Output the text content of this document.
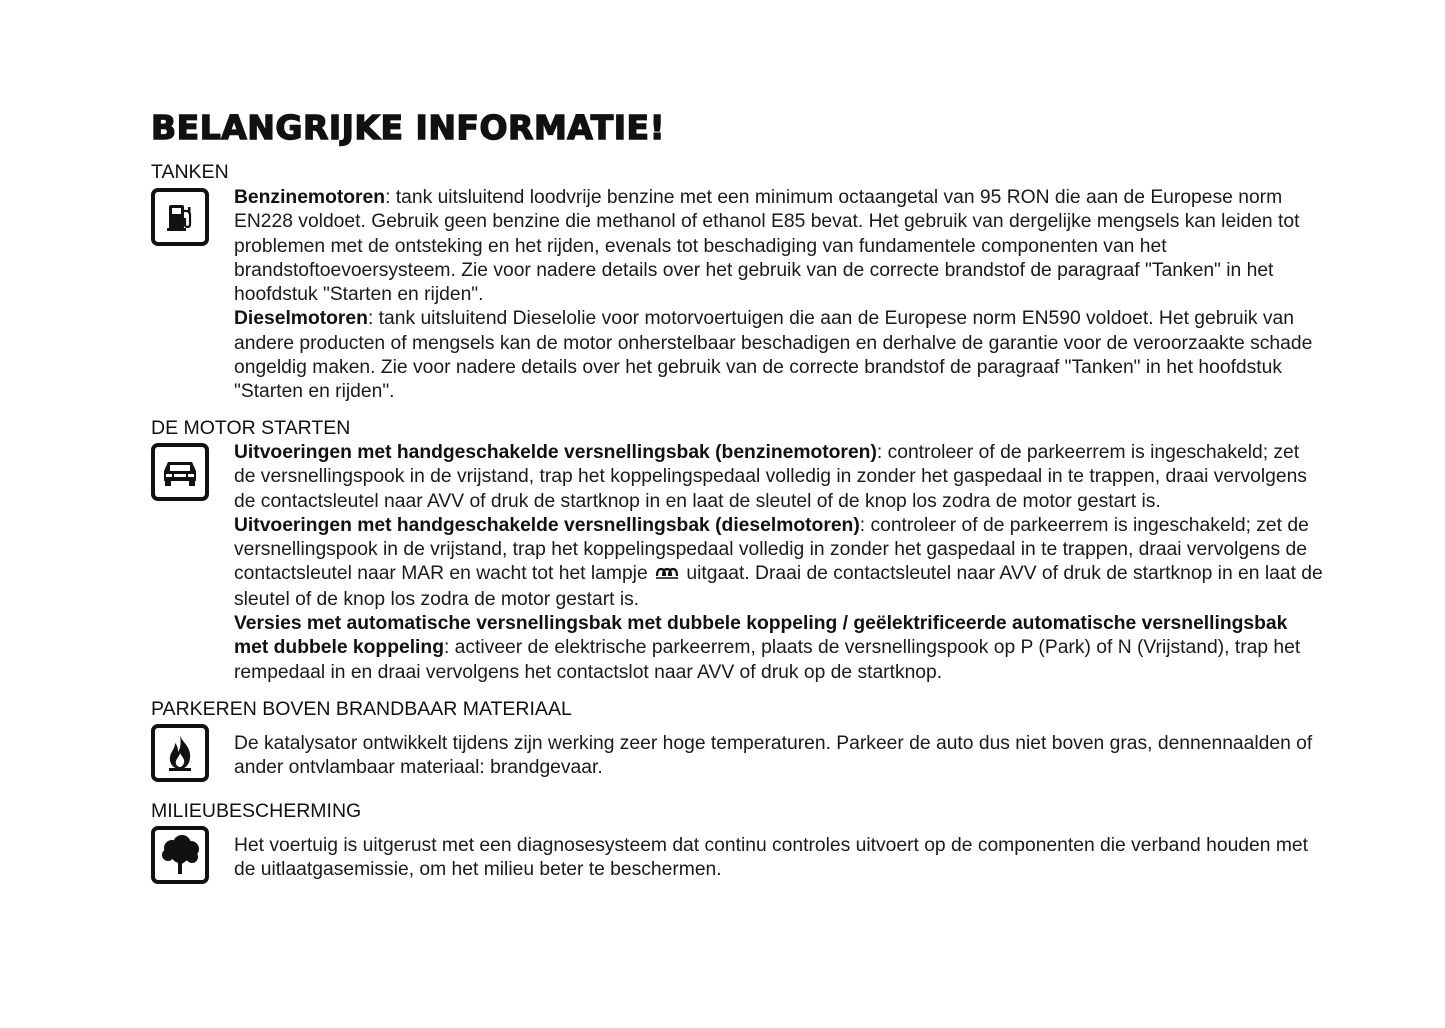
BELANGRIJKE INFORMATIE!
TANKEN

Benzinemotoren: tank uitsluitend loodvrije benzine met een minimum octaangetal van 95 RON die aan de Europese norm EN228 voldoet. Gebruik geen benzine die methanol of ethanol E85 bevat. Het gebruik van dergelijke mengsels kan leiden tot problemen met de ontsteking en het rijden, evenals tot beschadiging van fundamentele componenten van het brandstoftoevoersysteem. Zie voor nadere details over het gebruik van de correcte brandstof de paragraaf "Tanken" in het hoofdstuk "Starten en rijden".

Dieselmotoren: tank uitsluitend Dieselolie voor motorvoertuigen die aan de Europese norm EN590 voldoet. Het gebruik van andere producten of mengsels kan de motor onherstelbaar beschadigen en derhalve de garantie voor de veroorzaakte schade ongeldig maken. Zie voor nadere details over het gebruik van de correcte brandstof de paragraaf "Tanken" in het hoofdstuk "Starten en rijden".

DE MOTOR STARTEN

Uitvoeringen met handgeschakelde versnellingsbak (benzinemotoren): controleer of de parkeerrem is ingeschakeld; zet de versnellingspook in de vrijstand, trap het koppelingspedaal volledig in zonder het gaspedaal in te trappen, draai vervolgens de contactsleutel naar AVV of druk de startknop in en laat de sleutel of de knop los zodra de motor gestart is.

Uitvoeringen met handgeschakelde versnellingsbak (dieselmotoren): controleer of de parkeerrem is ingeschakeld; zet de versnellingspook in de vrijstand, trap het koppelingspedaal volledig in zonder het gaspedaal in te trappen, draai vervolgens de contactsleutel naar MAR en wacht tot het lampje uitgaat. Draai de contactsleutel naar AVV of druk de startknop in en laat de sleutel of de knop los zodra de motor gestart is.

Versies met automatische versnellingsbak met dubbele koppeling / geëlektrificeerde automatische versnellingsbak met dubbele koppeling: activeer de elektrische parkeerrem, plaats de versnellingspook op P (Park) of N (Vrijstand), trap het rempedaal in en draai vervolgens het contactslot naar AVV of druk op de startknop.

PARKEREN BOVEN BRANDBAAR MATERIAAL

De katalysator ontwikkelt tijdens zijn werking zeer hoge temperaturen. Parkeer de auto dus niet boven gras, dennennaalden of ander ontvlambaar materiaal: brandgevaar.

MILIEUBESCHERMING

Het voertuig is uitgerust met een diagnosesysteem dat continu controles uitvoert op de componenten die verband houden met de uitlaatgasemissie, om het milieu beter te beschermen.
